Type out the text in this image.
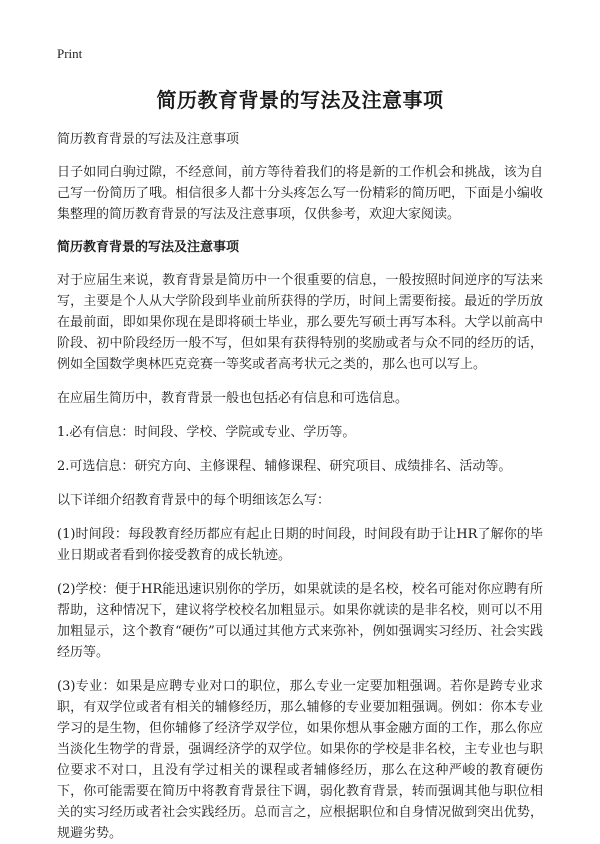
Print
简历教育背景的写法及注意事项

简历教育背景的写法及注意事项

日子如同白驹过隙，不经意间，前方等待着我们的将是新的工作机会和挑战，该为自己写一份简历了哦。相信很多人都十分头疼怎么写一份精彩的简历吧，下面是小编收集整理的简历教育背景的写法及注意事项，仅供参考，欢迎大家阅读。

简历教育背景的写法及注意事项

对于应届生来说，教育背景是简历中一个很重要的信息，一般按照时间逆序的写法来写，主要是个人从大学阶段到毕业前所获得的学历，时间上需要衔接。最近的学历放在最前面，即如果你现在是即将硕士毕业，那么要先写硕士再写本科。大学以前高中阶段、初中阶段经历一般不写，但如果有获得特别的奖励或者与众不同的经历的话，例如全国数学奥林匹克竞赛一等奖或者高考状元之类的，那么也可以写上。

在应届生简历中，教育背景一般也包括必有信息和可选信息。

1.必有信息：时间段、学校、学院或专业、学历等。

2.可选信息：研究方向、主修课程、辅修课程、研究项目、成绩排名、活动等。

以下详细介绍教育背景中的每个明细该怎么写：

(1)时间段：每段教育经历都应有起止日期的时间段，时间段有助于让HR了解你的毕业日期或者看到你接受教育的成长轨迹。

(2)学校：便于HR能迅速识别你的学历，如果就读的是名校，校名可能对你应聘有所帮助，这种情况下，建议将学校校名加粗显示。如果你就读的是非名校，则可以不用加粗显示，这个教育“硬伤”可以通过其他方式来弥补，例如强调实习经历、社会实践经历等。

(3)专业：如果是应聘专业对口的职位，那么专业一定要加粗强调。若你是跨专业求职，有双学位或者有相关的辅修经历，那么辅修的专业要加粗强调。例如：你本专业学习的是生物，但你辅修了经济学双学位，如果你想从事金融方面的工作，那么你应当淡化生物学的背景，强调经济学的双学位。如果你的学校是非名校，主专业也与职位要求不对口，且没有学过相关的课程或者辅修经历，那么在这种严峻的教育硬伤下，你可能需要在简历中将教育背景往下调，弱化教育背景，转而强调其他与职位相关的实习经历或者社会实践经历。总而言之，应根据职位和自身情况做到突出优势，规避劣势。
